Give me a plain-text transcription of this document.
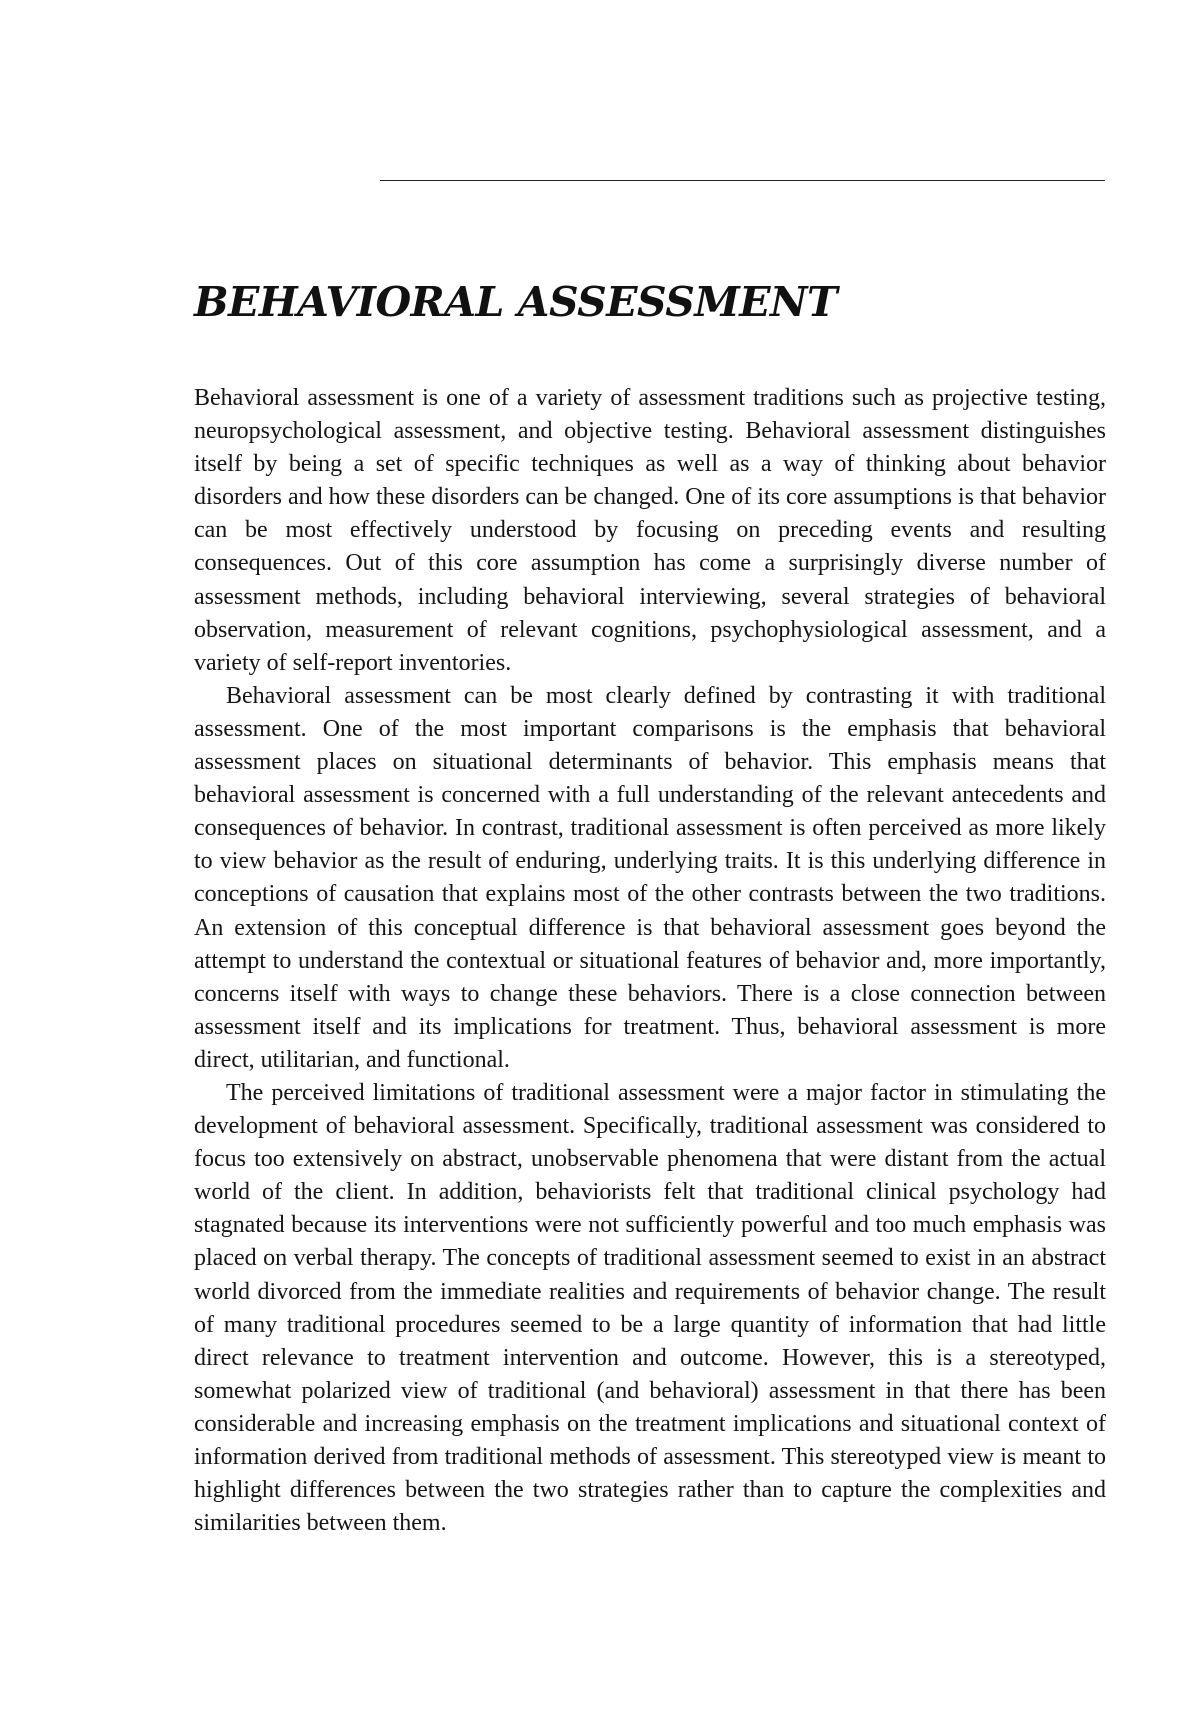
BEHAVIORAL ASSESSMENT

Behavioral assessment is one of a variety of assessment traditions such as projective testing, neuropsychological assessment, and objective testing. Behavioral assessment distinguishes itself by being a set of specific techniques as well as a way of thinking about behavior disorders and how these disorders can be changed. One of its core assumptions is that behavior can be most effectively understood by focusing on preceding events and resulting consequences. Out of this core assumption has come a surprisingly diverse number of assessment methods, including behavioral interviewing, several strategies of behavioral observation, measurement of relevant cognitions, psychophysiological assessment, and a variety of self-report inventories.

Behavioral assessment can be most clearly defined by contrasting it with traditional assessment. One of the most important comparisons is the emphasis that behavioral assessment places on situational determinants of behavior. This emphasis means that behavioral assessment is concerned with a full understanding of the relevant antecedents and consequences of behavior. In contrast, traditional assessment is often perceived as more likely to view behavior as the result of enduring, underlying traits. It is this underlying difference in conceptions of causation that explains most of the other contrasts between the two traditions. An extension of this conceptual difference is that behavioral assessment goes beyond the attempt to understand the contextual or situational features of behavior and, more importantly, concerns itself with ways to change these behaviors. There is a close connection between assessment itself and its implications for treatment. Thus, behavioral assessment is more direct, utilitarian, and functional.

The perceived limitations of traditional assessment were a major factor in stimulating the development of behavioral assessment. Specifically, traditional assessment was considered to focus too extensively on abstract, unobservable phenomena that were distant from the actual world of the client. In addition, behaviorists felt that traditional clinical psychology had stagnated because its interventions were not sufficiently powerful and too much emphasis was placed on verbal therapy. The concepts of traditional assessment seemed to exist in an abstract world divorced from the immediate realities and requirements of behavior change. The result of many traditional procedures seemed to be a large quantity of information that had little direct relevance to treatment intervention and outcome. However, this is a stereotyped, somewhat polarized view of traditional (and behavioral) assessment in that there has been considerable and increasing emphasis on the treatment implications and situational context of information derived from traditional methods of assessment. This stereotyped view is meant to highlight differences between the two strategies rather than to capture the complexities and similarities between them.
